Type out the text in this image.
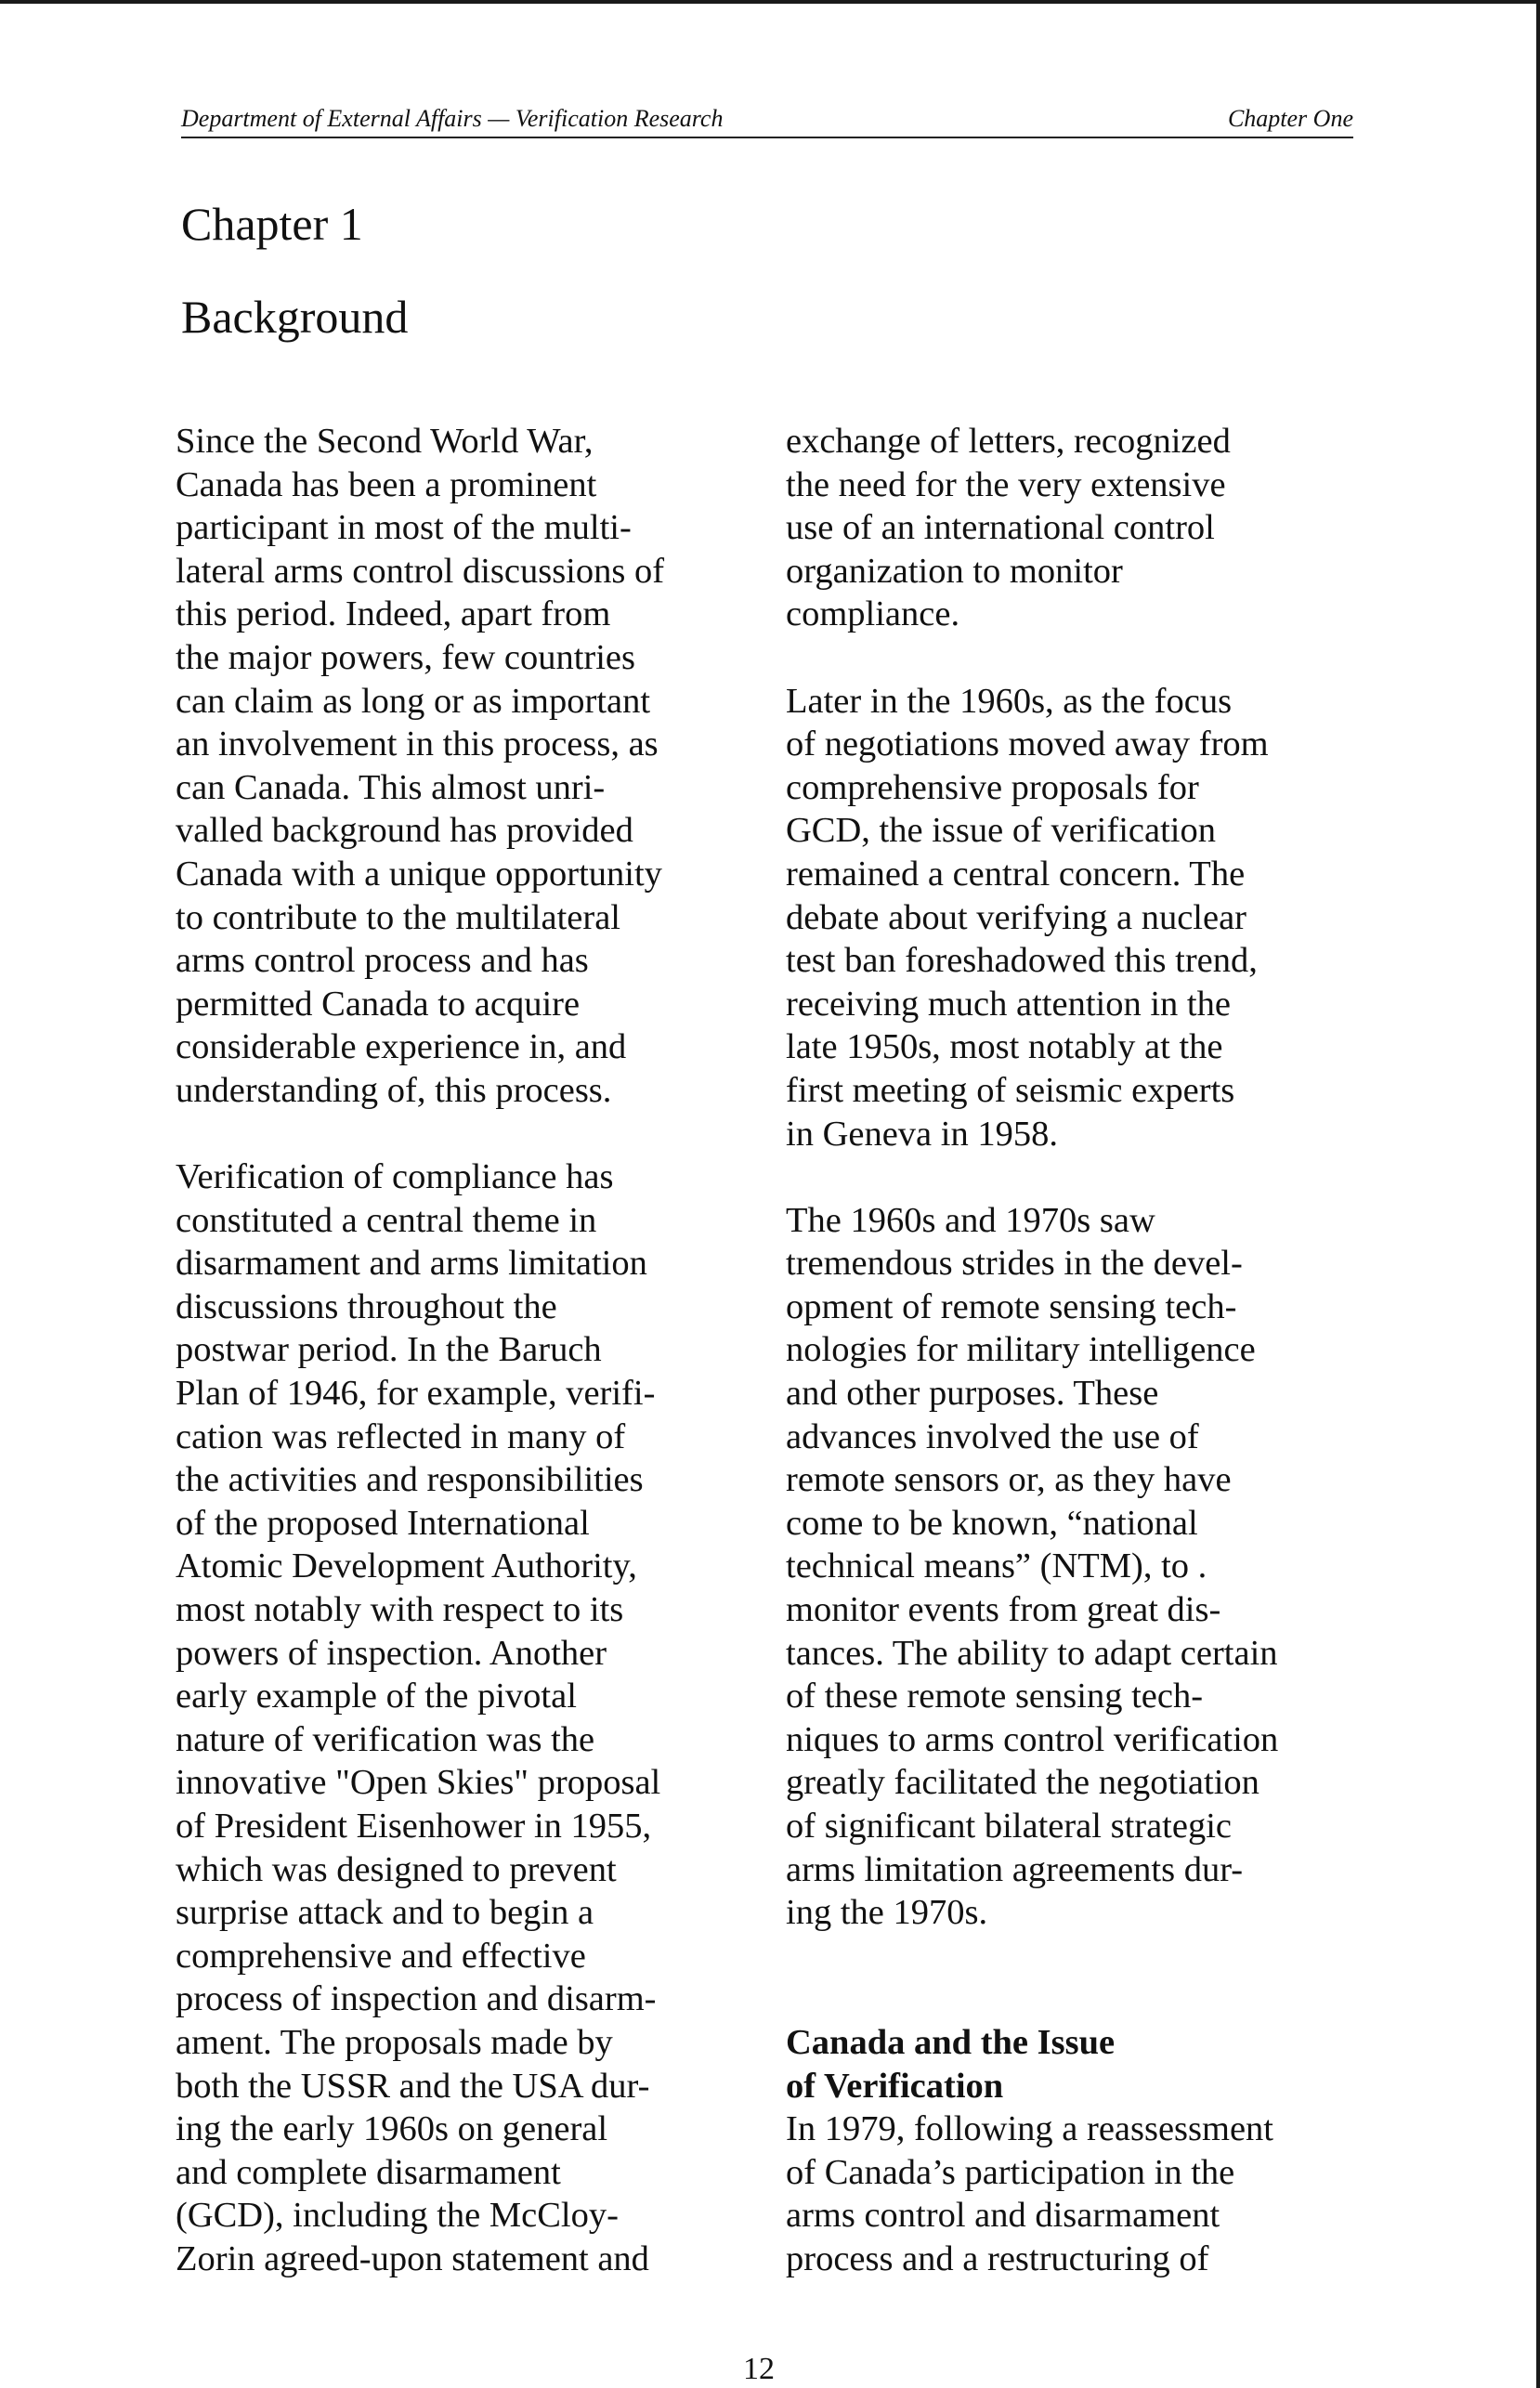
Department of External Affairs — Verification Research	Chapter One
Chapter 1
Background

Since the Second World War,
Canada has been a prominent
participant in most of the multi-
lateral arms control discussions of
this period. Indeed, apart from
the major powers, few countries
can claim as long or as important
an involvement in this process, as
can Canada. This almost unri-
valled background has provided
Canada with a unique opportunity
to contribute to the multilateral
arms control process and has
permitted Canada to acquire
considerable experience in, and
understanding of, this process.

Verification of compliance has
constituted a central theme in
disarmament and arms limitation
discussions throughout the
postwar period. In the Baruch
Plan of 1946, for example, verifi-
cation was reflected in many of
the activities and responsibilities
of the proposed International
Atomic Development Authority,
most notably with respect to its
powers of inspection. Another
early example of the pivotal
nature of verification was the
innovative "Open Skies" proposal
of President Eisenhower in 1955,
which was designed to prevent
surprise attack and to begin a
comprehensive and effective
process of inspection and disarm-
ament. The proposals made by
both the USSR and the USA dur-
ing the early 1960s on general
and complete disarmament
(GCD), including the McCloy-
Zorin agreed-upon statement and

exchange of letters, recognized
the need for the very extensive
use of an international control
organization to monitor
compliance.

Later in the 1960s, as the focus
of negotiations moved away from
comprehensive proposals for
GCD, the issue of verification
remained a central concern. The
debate about verifying a nuclear
test ban foreshadowed this trend,
receiving much attention in the
late 1950s, most notably at the
first meeting of seismic experts
in Geneva in 1958.

The 1960s and 1970s saw
tremendous strides in the devel-
opment of remote sensing tech-
nologies for military intelligence
and other purposes. These
advances involved the use of
remote sensors or, as they have
come to be known, “national
technical means” (NTM), to .
monitor events from great dis-
tances. The ability to adapt certain
of these remote sensing tech-
niques to arms control verification
greatly facilitated the negotiation
of significant bilateral strategic
arms limitation agreements dur-
ing the 1970s.

Canada and the Issue
of Verification

In 1979, following a reassessment
of Canada’s participation in the
arms control and disarmament
process and a restructuring of

12
